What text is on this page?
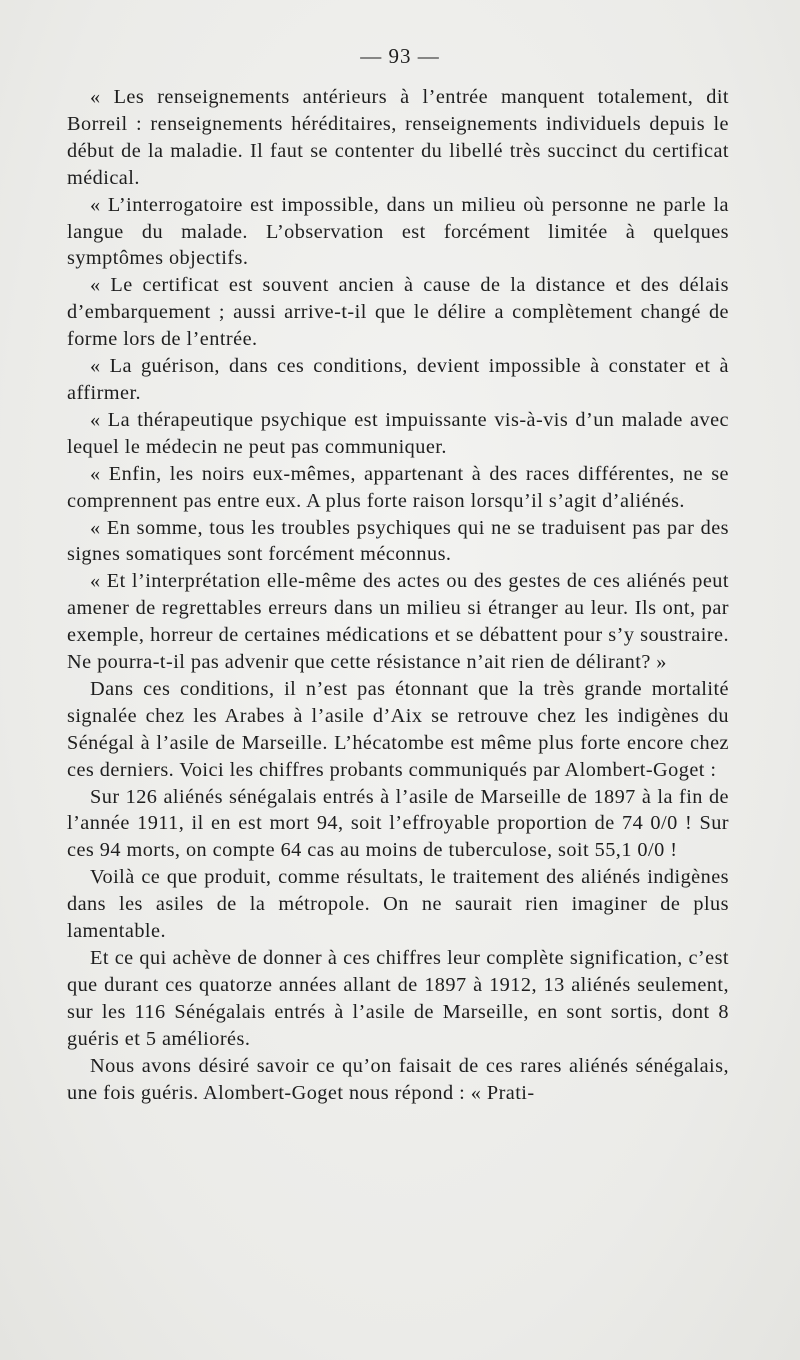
— 93 —

« Les renseignements antérieurs à l’entrée manquent totalement, dit Borreil : renseignements héréditaires, renseignements individuels depuis le début de la maladie. Il faut se contenter du libellé très succinct du certificat médical.

« L’interrogatoire est impossible, dans un milieu où personne ne parle la langue du malade. L’observation est forcément limitée à quelques symptômes objectifs.

« Le certificat est souvent ancien à cause de la distance et des délais d’embarquement ; aussi arrive-t-il que le délire a complètement changé de forme lors de l’entrée.

« La guérison, dans ces conditions, devient impossible à constater et à affirmer.

« La thérapeutique psychique est impuissante vis-à-vis d’un malade avec lequel le médecin ne peut pas communiquer.

« Enfin, les noirs eux-mêmes, appartenant à des races différentes, ne se comprennent pas entre eux. A plus forte raison lorsqu’il s’agit d’aliénés.

« En somme, tous les troubles psychiques qui ne se traduisent pas par des signes somatiques sont forcément méconnus.

« Et l’interprétation elle-même des actes ou des gestes de ces aliénés peut amener de regrettables erreurs dans un milieu si étranger au leur. Ils ont, par exemple, horreur de certaines médications et se débattent pour s’y soustraire. Ne pourra-t-il pas advenir que cette résistance n’ait rien de délirant? »

Dans ces conditions, il n’est pas étonnant que la très grande mortalité signalée chez les Arabes à l’asile d’Aix se retrouve chez les indigènes du Sénégal à l’asile de Marseille. L’hécatombe est même plus forte encore chez ces derniers. Voici les chiffres probants communiqués par Alombert-Goget :

Sur 126 aliénés sénégalais entrés à l’asile de Marseille de 1897 à la fin de l’année 1911, il en est mort 94, soit l’effroyable proportion de 74 0/0 ! Sur ces 94 morts, on compte 64 cas au moins de tuberculose, soit 55,1 0/0 !

Voilà ce que produit, comme résultats, le traitement des aliénés indigènes dans les asiles de la métropole. On ne saurait rien imaginer de plus lamentable.

Et ce qui achève de donner à ces chiffres leur complète signification, c’est que durant ces quatorze années allant de 1897 à 1912, 13 aliénés seulement, sur les 116 Sénégalais entrés à l’asile de Marseille, en sont sortis, dont 8 guéris et 5 améliorés.

Nous avons désiré savoir ce qu’on faisait de ces rares aliénés sénégalais, une fois guéris. Alombert-Goget nous répond : « Prati-
